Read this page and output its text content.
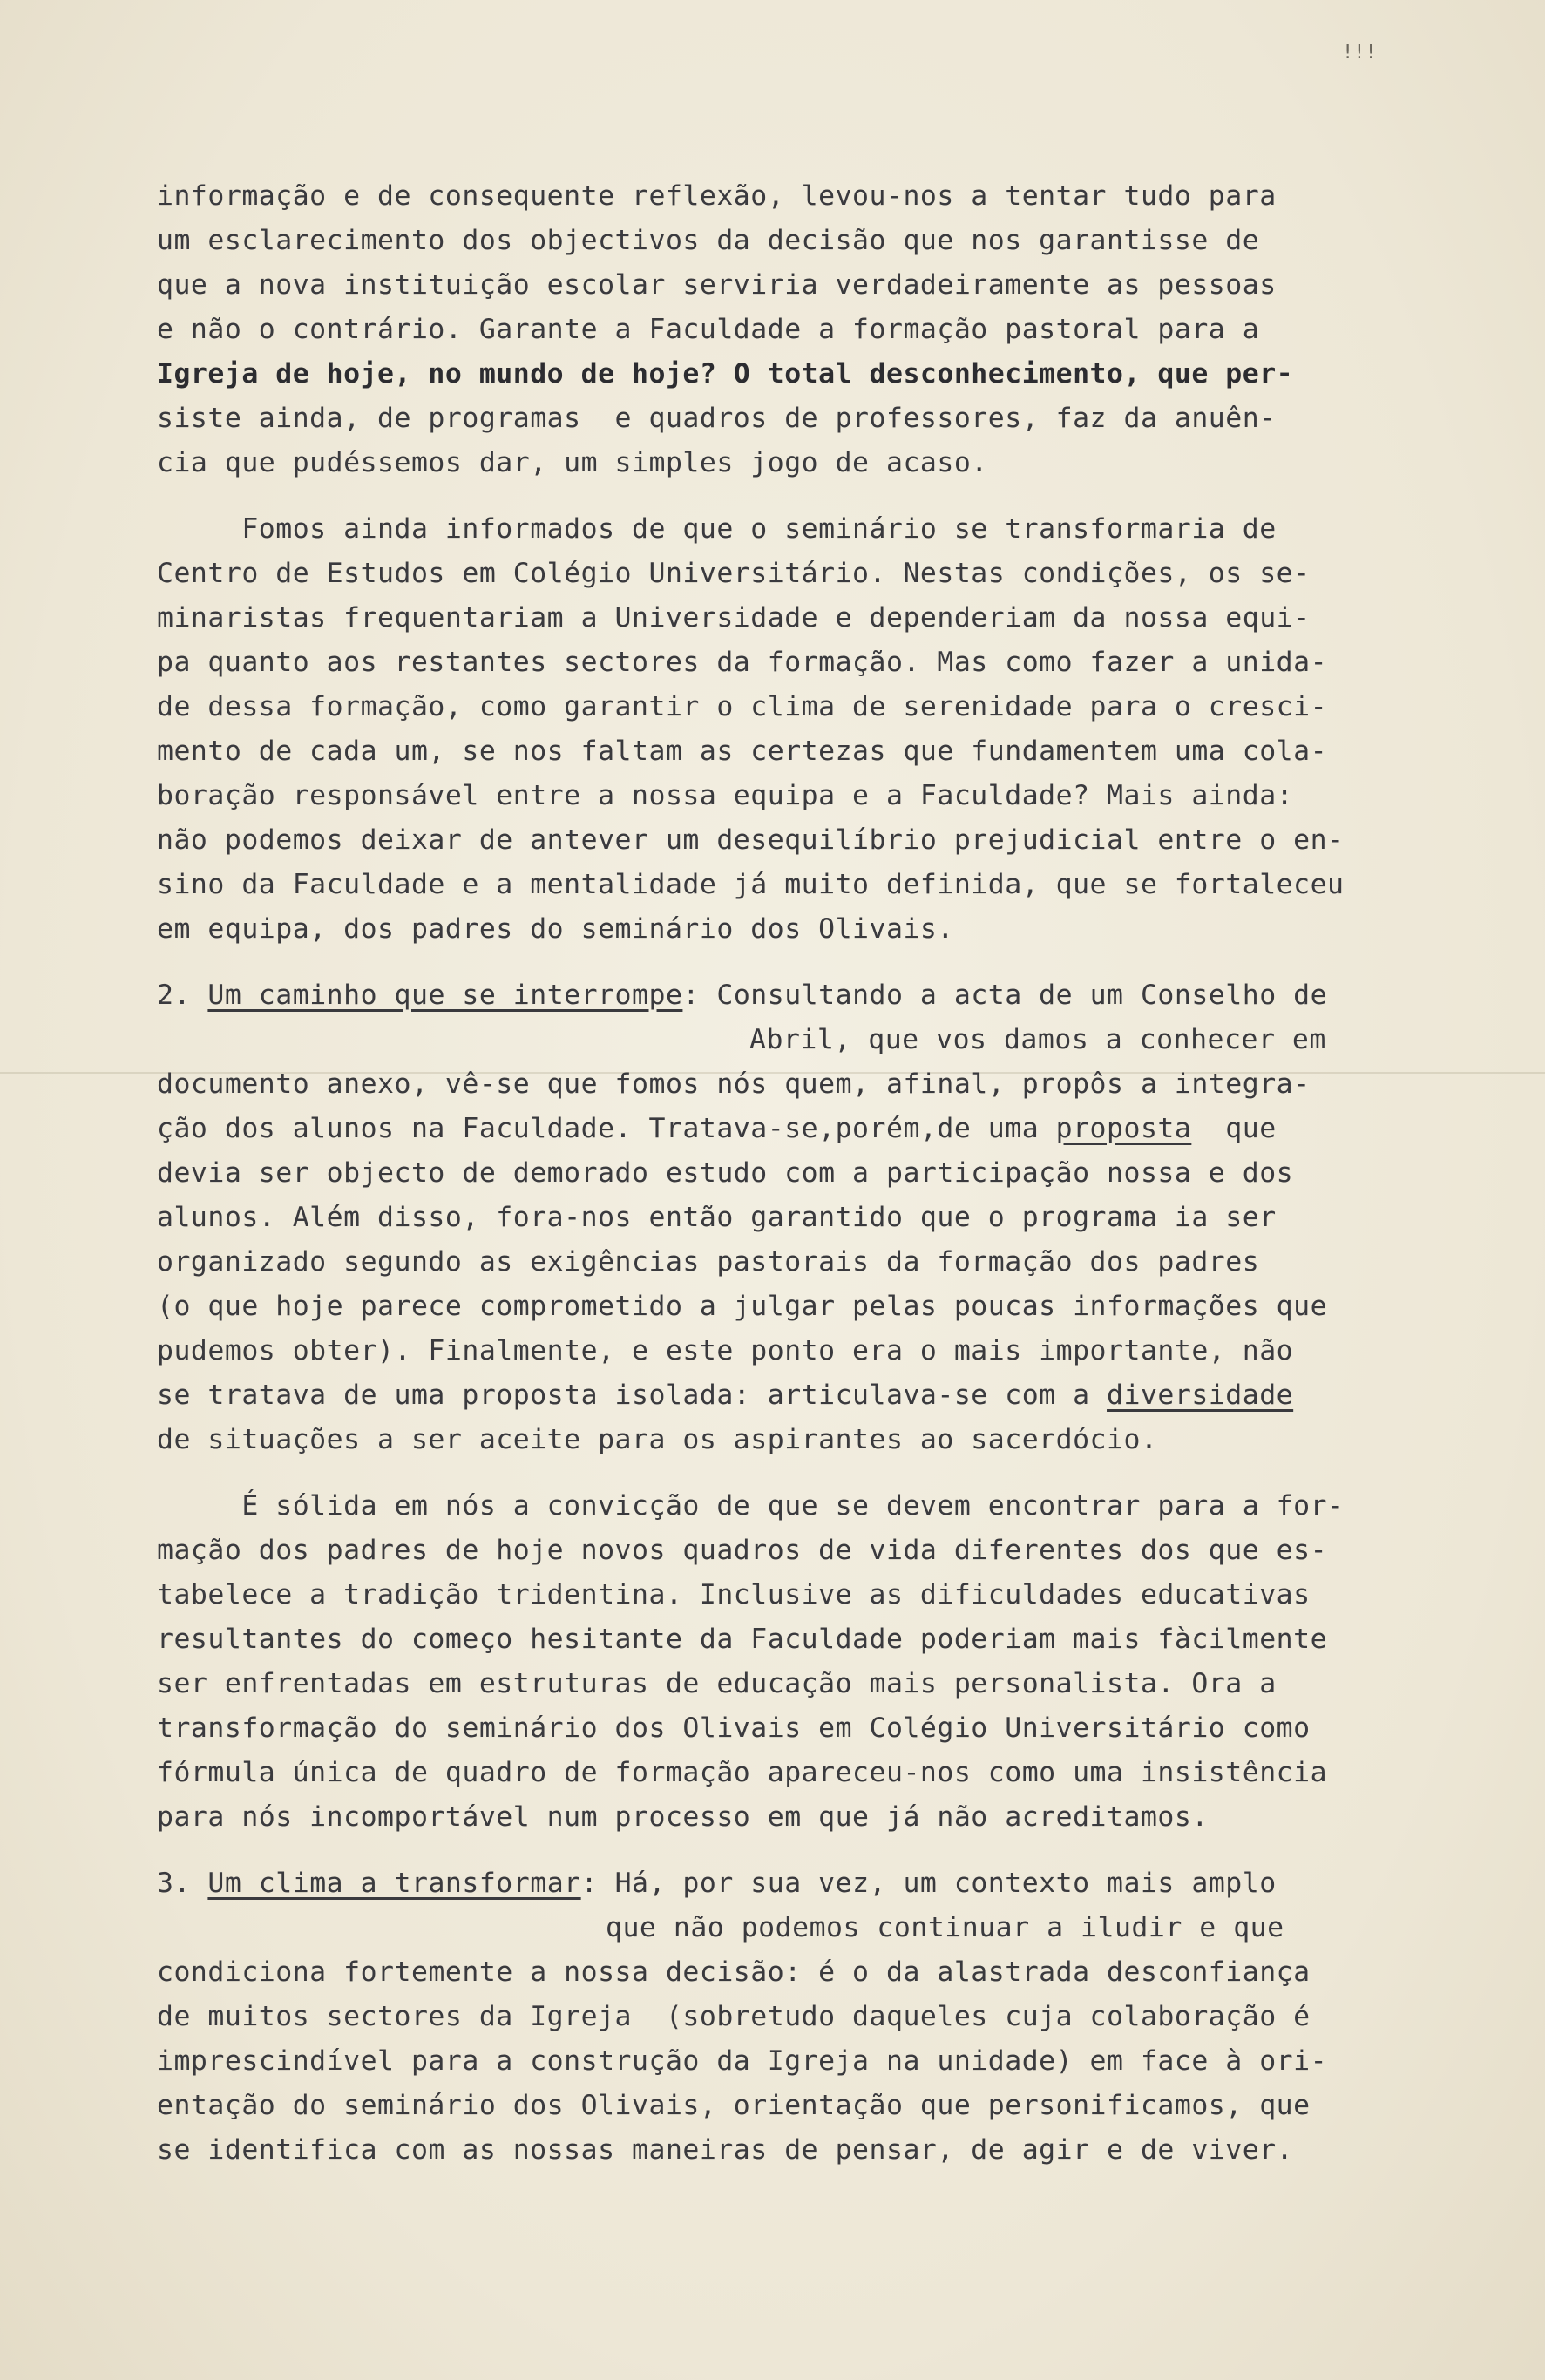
!!!
informação e de consequente reflexão, levou-nos a tentar tudo para
um esclarecimento dos objectivos da decisão que nos garantisse de
que a nova instituição escolar serviria verdadeiramente as pessoas
e não o contrário. Garante a Faculdade a formação pastoral para a
Igreja de hoje, no mundo de hoje? O total desconhecimento, que per-
siste ainda, de programas  e quadros de professores, faz da anuên-
cia que pudéssemos dar, um simples jogo de acaso.
Fomos ainda informados de que o seminário se transformaria de
Centro de Estudos em Colégio Universitário. Nestas condições, os se-
minaristas frequentariam a Universidade e dependeriam da nossa equi-
pa quanto aos restantes sectores da formação. Mas como fazer a unida-
de dessa formação, como garantir o clima de serenidade para o cresci-
mento de cada um, se nos faltam as certezas que fundamentem uma cola-
boração responsável entre a nossa equipa e a Faculdade? Mais ainda:
não podemos deixar de antever um desequilíbrio prejudicial entre o en-
sino da Faculdade e a mentalidade já muito definida, que se fortaleceu
em equipa, dos padres do seminário dos Olivais.
2. Um caminho que se interrompe: Consultando a acta de um Conselho de
Abril, que vos damos a conhecer em
documento anexo, vê-se que fomos nós quem, afinal, propôs a integra-
ção dos alunos na Faculdade. Tratava-se,porém,de uma proposta  que
devia ser objecto de demorado estudo com a participação nossa e dos
alunos. Além disso, fora-nos então garantido que o programa ia ser
organizado segundo as exigências pastorais da formação dos padres
(o que hoje parece comprometido a julgar pelas poucas informações que
pudemos obter). Finalmente, e este ponto era o mais importante, não
se tratava de uma proposta isolada: articulava-se com a diversidade
de situações a ser aceite para os aspirantes ao sacerdócio.
É sólida em nós a convicção de que se devem encontrar para a for-
mação dos padres de hoje novos quadros de vida diferentes dos que es-
tabelece a tradição tridentina. Inclusive as dificuldades educativas
resultantes do começo hesitante da Faculdade poderiam mais fàcilmente
ser enfrentadas em estruturas de educação mais personalista. Ora a
transformação do seminário dos Olivais em Colégio Universitário como
fórmula única de quadro de formação apareceu-nos como uma insistência
para nós incomportável num processo em que já não acreditamos.
3. Um clima a transformar: Há, por sua vez, um contexto mais amplo
que não podemos continuar a iludir e que
condiciona fortemente a nossa decisão: é o da alastrada desconfiança
de muitos sectores da Igreja  (sobretudo daqueles cuja colaboração é
imprescindível para a construção da Igreja na unidade) em face à ori-
entação do seminário dos Olivais, orientação que personificamos, que
se identifica com as nossas maneiras de pensar, de agir e de viver.
